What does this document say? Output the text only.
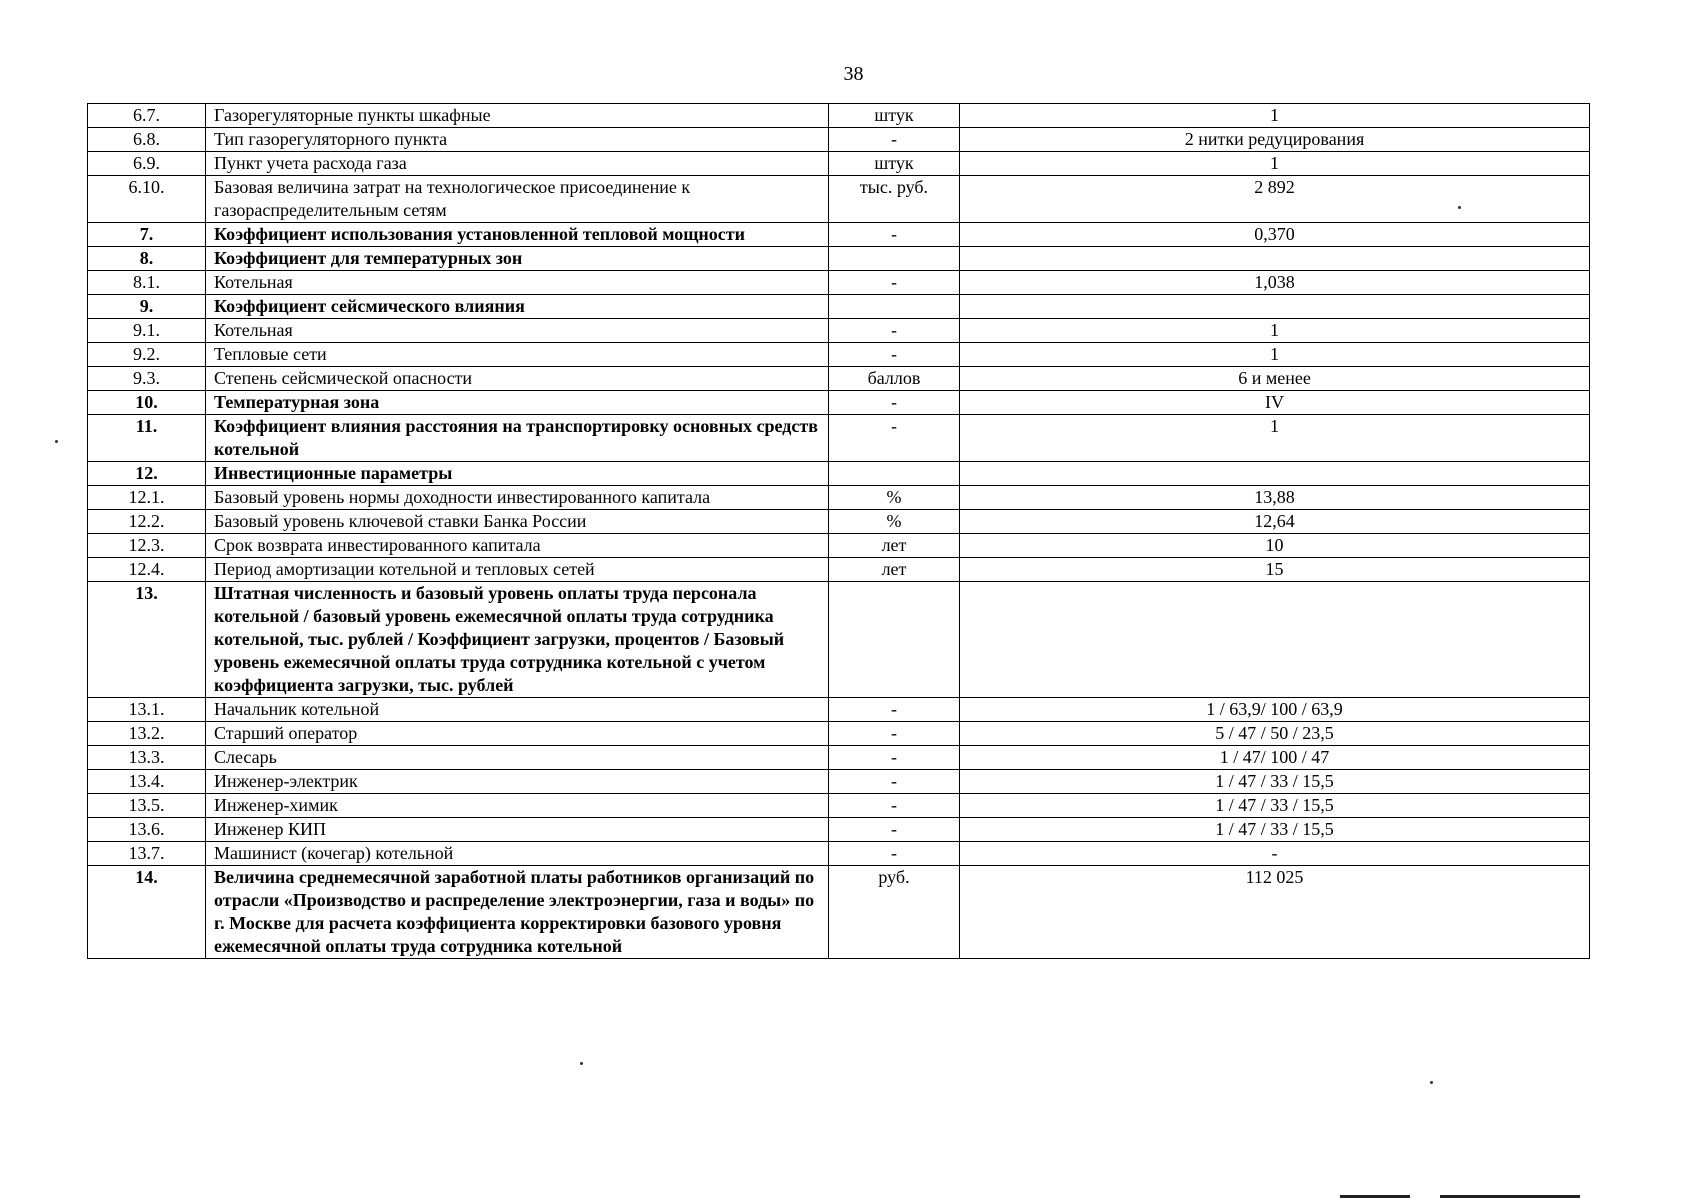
38
6.7.	Газорегуляторные пункты шкафные	штук	1
6.8.	Тип газорегуляторного пункта	-	2 нитки редуцирования
6.9.	Пункт учета расхода газа	штук	1
6.10.	Базовая величина затрат на технологическое присоединение к газораспределительным сетям	тыс. руб.	2 892
7.	Коэффициент использования установленной тепловой мощности	-	0,370
8.	Коэффициент для температурных зон		
8.1.	Котельная	-	1,038
9.	Коэффициент сейсмического влияния		
9.1.	Котельная	-	1
9.2.	Тепловые сети	-	1
9.3.	Степень сейсмической опасности	баллов	6 и менее
10.	Температурная зона	-	IV
11.	Коэффициент влияния расстояния на транспортировку основных средств котельной	-	1
12.	Инвестиционные параметры		
12.1.	Базовый уровень нормы доходности инвестированного капитала	%	13,88
12.2.	Базовый уровень ключевой ставки Банка России	%	12,64
12.3.	Срок возврата инвестированного капитала	лет	10
12.4.	Период амортизации котельной и тепловых сетей	лет	15
13.	Штатная численность и базовый уровень оплаты труда персонала котельной / базовый уровень ежемесячной оплаты труда сотрудника котельной, тыс. рублей / Коэффициент загрузки, процентов / Базовый уровень ежемесячной оплаты труда сотрудника котельной с учетом коэффициента загрузки, тыс. рублей		
13.1.	Начальник котельной	-	1 / 63,9/ 100 / 63,9
13.2.	Старший оператор	-	5 / 47 / 50 / 23,5
13.3.	Слесарь	-	1 / 47/ 100 / 47
13.4.	Инженер-электрик	-	1 / 47 / 33 / 15,5
13.5.	Инженер-химик	-	1 / 47 / 33 / 15,5
13.6.	Инженер КИП	-	1 / 47 / 33 / 15,5
13.7.	Машинист (кочегар) котельной	-	-
14.	Величина среднемесячной заработной платы работников организаций по отрасли «Производство и распределение электроэнергии, газа и воды» по г. Москве для расчета коэффициента корректировки базового уровня ежемесячной оплаты труда сотрудника котельной	руб.	112 025
